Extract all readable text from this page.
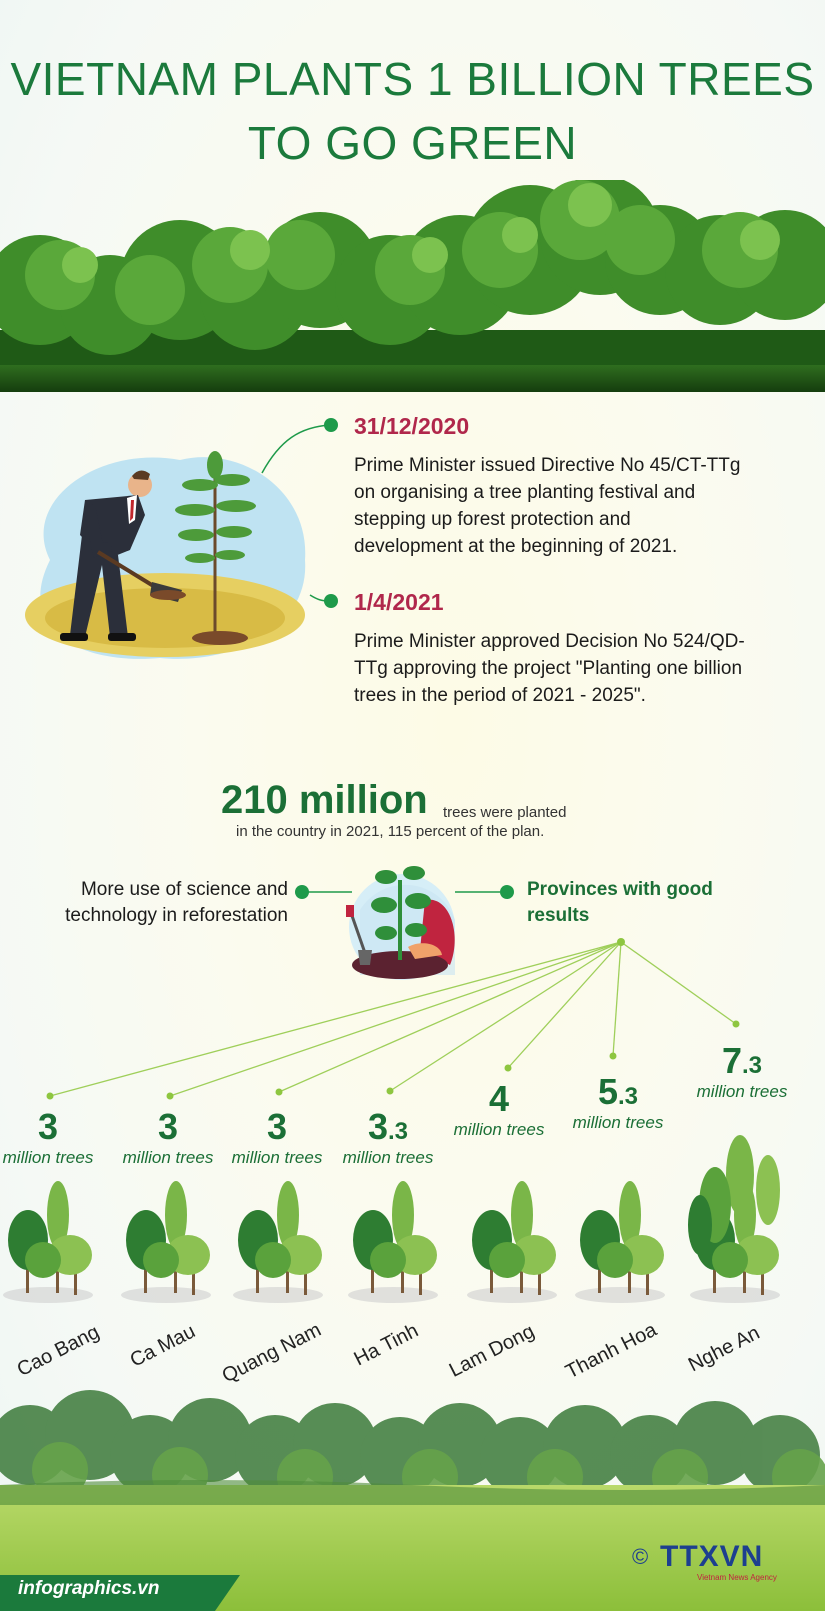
VIETNAM PLANTS 1 BILLION TREES
TO GO GREEN
31/12/2020
Prime Minister issued Directive No 45/CT-TTg on organising a tree planting festival and stepping up forest protection and development at the beginning of 2021.
1/4/2021
Prime Minister approved Decision No 524/QD-TTg approving the project "Planting one billion trees in the period of 2021 - 2025".
210 million trees were planted
in the country in 2021, 115 percent of the plan.
More use of science and technology in reforestation
Provinces with good results
3
million trees
3
million trees
3
million trees
3.3
million trees
4
million trees
5.3
million trees
7.3
million trees
Cao Bang Ca Mau Quang Nam Ha Tinh Lam Dong Thanh Hoa Nghe An
infographics.vn
© TTXVN
Vietnam News Agency
